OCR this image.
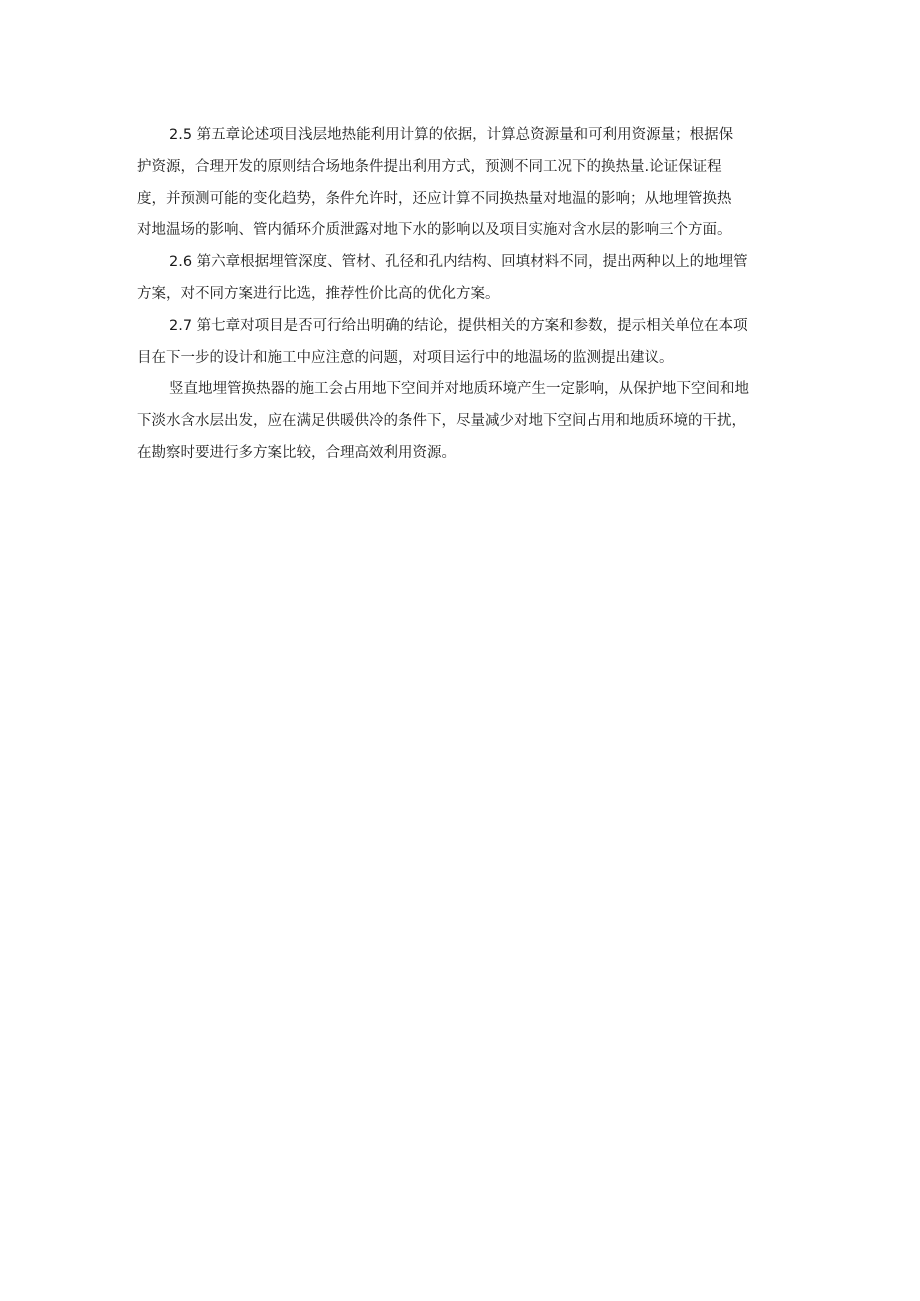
2.5 第五章论述项目浅层地热能利用计算的依据，计算总资源量和可利用资源量；根据保
护资源，合理开发的原则结合场地条件提出利用方式，预测不同工况下的换热量.论证保证程
度，并预测可能的变化趋势，条件允许时，还应计算不同换热量对地温的影响；从地埋管换热
对地温场的影响、管内循环介质泄露对地下水的影响以及项目实施对含水层的影响三个方面。
2.6 第六章根据埋管深度、管材、孔径和孔内结构、回填材料不同，提出两种以上的地埋管
方案，对不同方案进行比选，推荐性价比高的优化方案。
2.7 第七章对项目是否可行给出明确的结论，提供相关的方案和参数，提示相关单位在本项
目在下一步的设计和施工中应注意的问题，对项目运行中的地温场的监测提出建议。
竖直地埋管换热器的施工会占用地下空间并对地质环境产生一定影响，从保护地下空间和地
下淡水含水层出发，应在满足供暖供冷的条件下，尽量减少对地下空间占用和地质环境的干扰，
在勘察时要进行多方案比较，合理高效利用资源。
